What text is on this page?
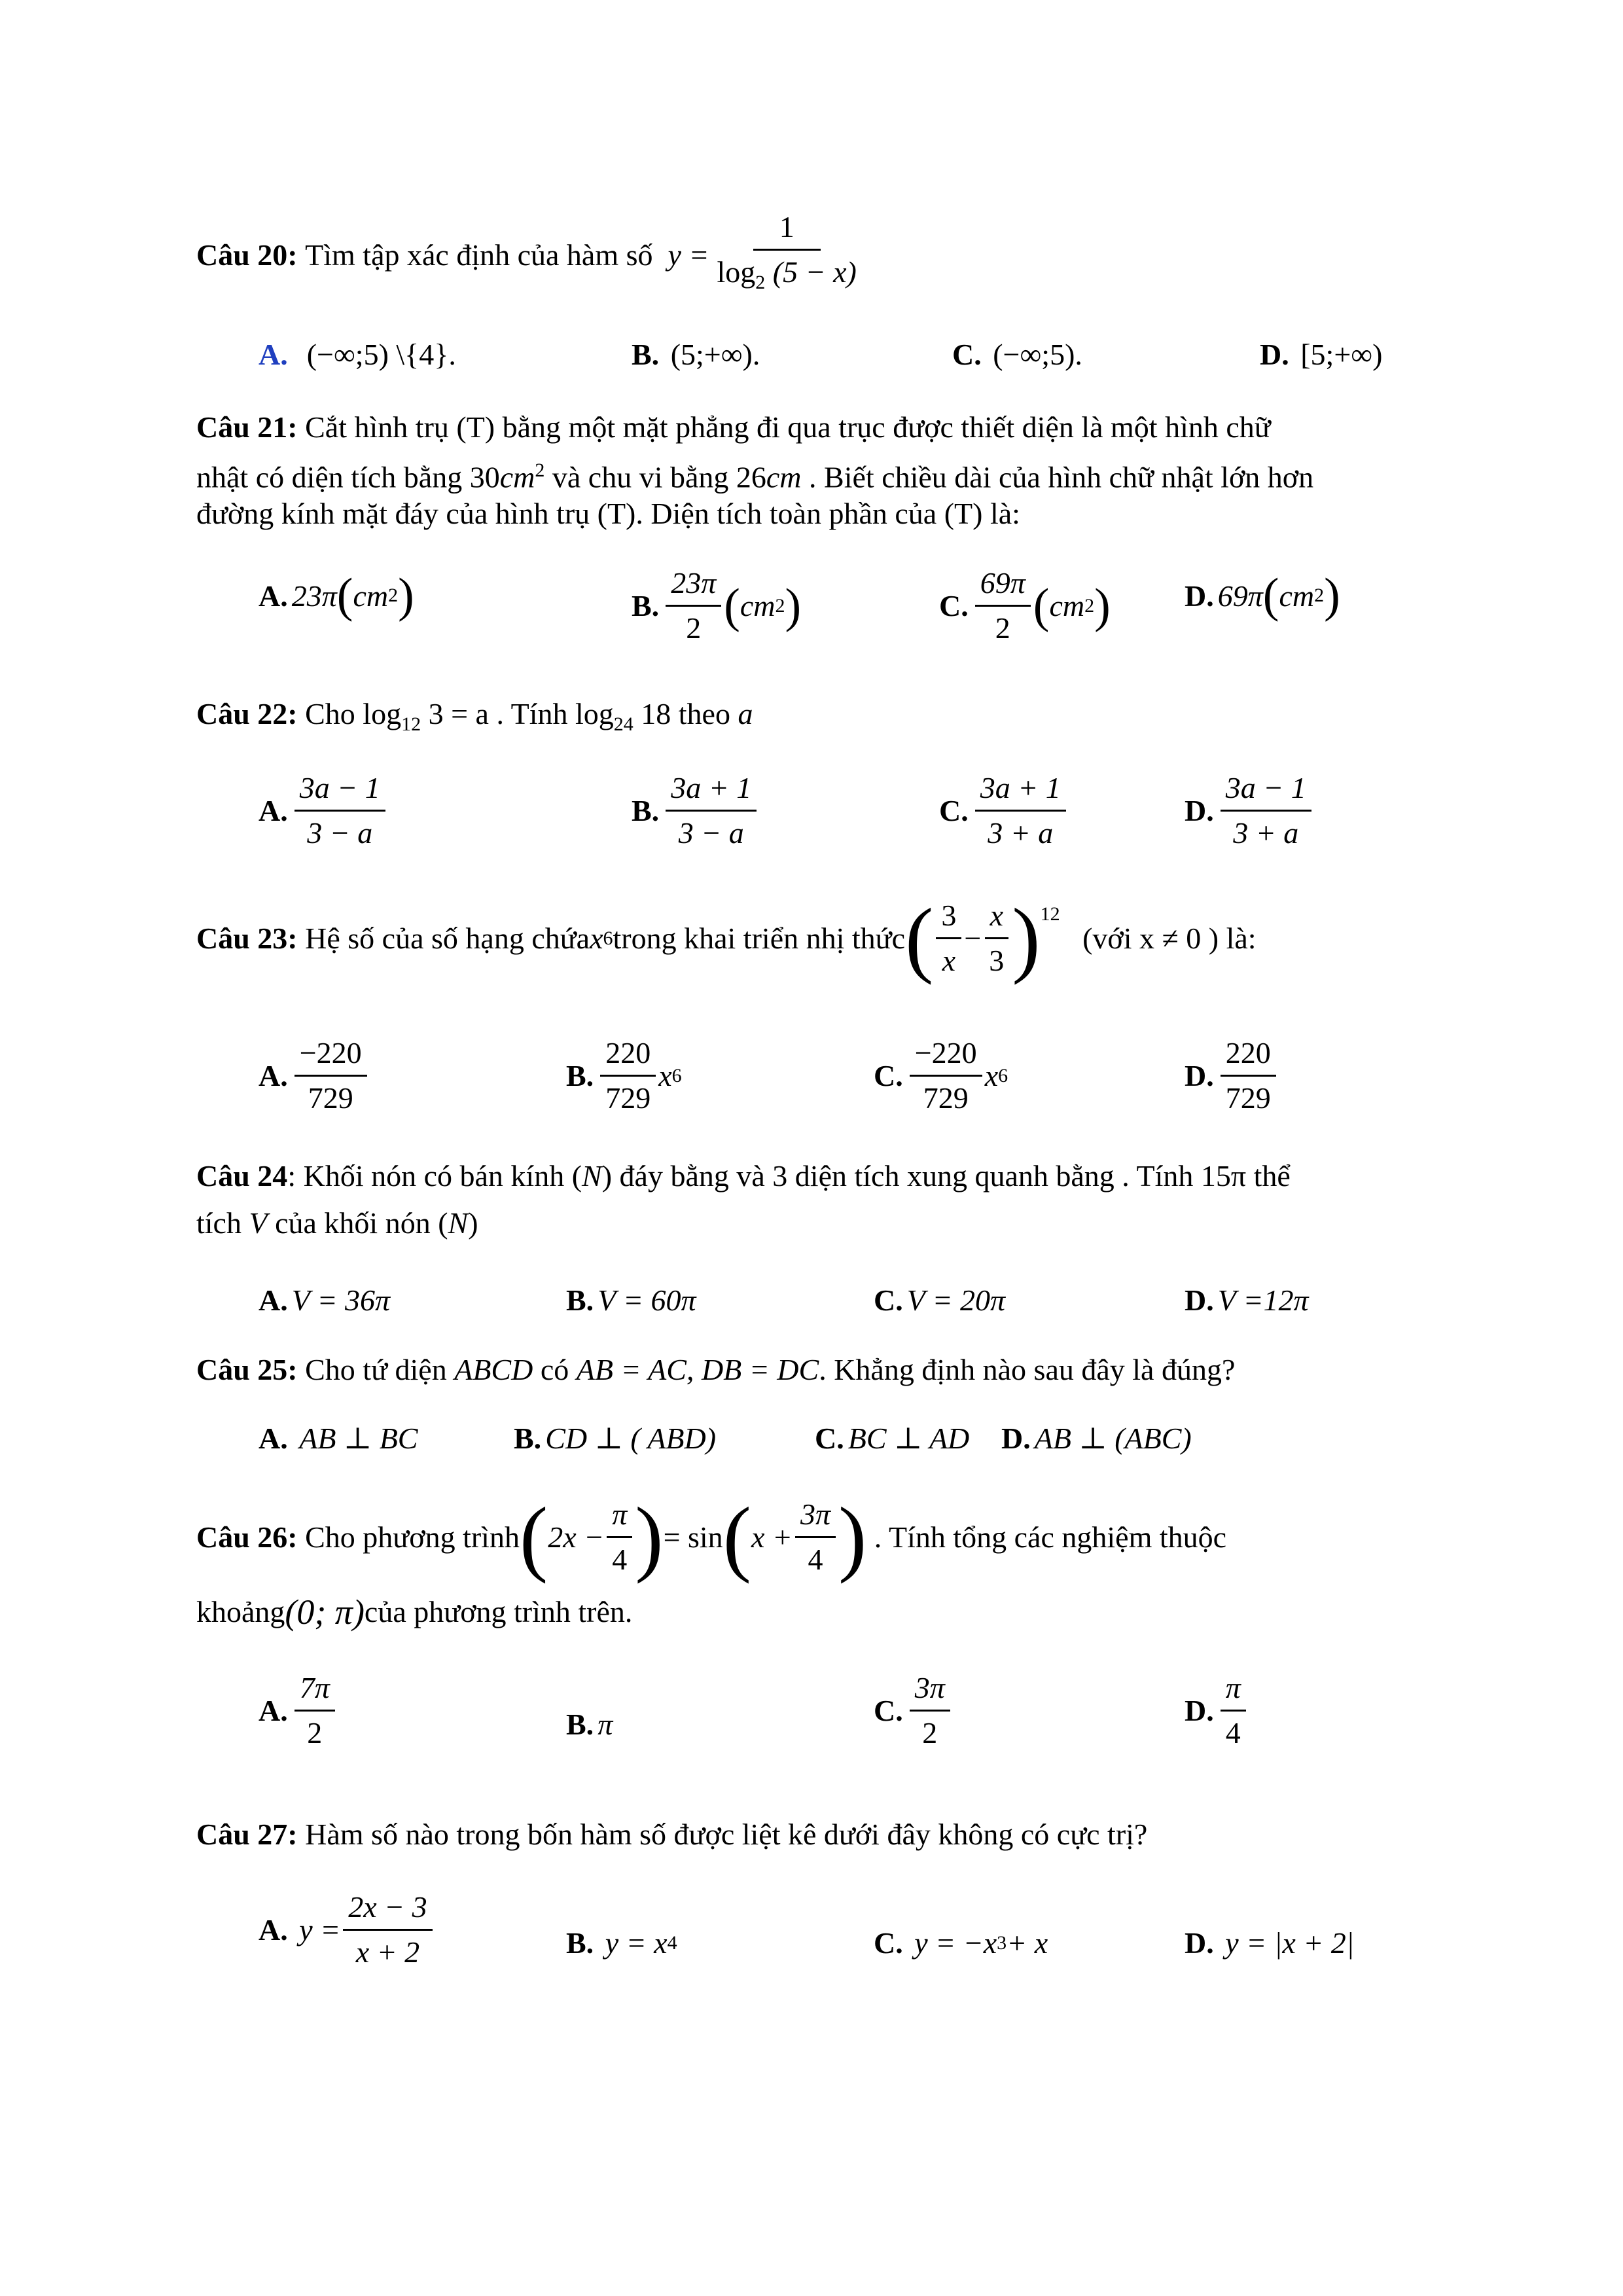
Câu 20:
Tìm tập xác định của hàm số
$y = \frac{1}{\log_2 (5 - x)}$
A.
(−∞;5) \{4}.	B.
(5;+∞).	C.
(−∞;5).	D.
[5;+∞)
Câu 21: Cắt hình trụ (T) bằng một mặt phẳng đi qua trục được thiết diện là một hình chữ
nhật có diện tích bằng $30cm^2$ và chu vi bằng 26cm . Biết chiều dài của hình chữ nhật lớn hơn
đường kính mặt đáy của hình trụ (T). Diện tích toàn phần của (T) là:
A. 23π ( cm 2 )	B. $\frac{23\pi}{2}$ ( cm 2 )	C. $\frac{69\pi}{2}$ ( cm 2 ) D. 69π ( cm 2 )
Câu 22: Cho $\log_{12} 3 = a$ . Tính $\log_{24} 18$ theo a
A. $\frac{3a - 1}{3 - a}$	B. $\frac{3a + 1}{3 - a}$	C. $\frac{3a + 1}{3 + a}$	D. $\frac{3a - 1}{3 + a}$
Câu 23:
Hệ số của số hạng chứa x 6 trong khai triển nhị thức ( $\frac{3}{x} - \frac{x}{3}$ ) 12

(với x ≠ 0 ) là:
A. $\frac{-220}{729}$	B. $\frac{220}{729}$ x 6	C. $\frac{-220}{729}$ x 6	D. $\frac{220}{729}$
Câu 24: Khối nón có bán kính (N) đáy bằng và 3 diện tích xung quanh bằng . Tính 15π thể
tích V của khối nón (N)
A. V = 36π	B. V = 60π	C. V = 20π	D. V =12π
Câu 25: Cho tứ diện ABCD có AB = AC, DB = DC. Khẳng định nào sau đây là đúng?
A.
AB ⊥ BC	B. CD ⊥ ( ABD)	C. BC ⊥ AD D. AB ⊥ (ABC)
Câu 26:
Cho phương trình ( $2x - \frac{\pi}{4}$ ) = sin ( $x + \frac{3\pi}{4}$ )
. Tính tổng các nghiệm thuộc
khoảng (0; π) của phương trình trên.
A. $\frac{7\pi}{2}$	B. π	C. $\frac{3\pi}{2}$	D. $\frac{\pi}{4}$
Câu 27: Hàm số nào trong bốn hàm số được liệt kê dưới đây không có cực trị?
A.
$y = \frac{2x - 3}{x + 2}$	B.
y = x 4	C.
y = −x 3 + x	D.
y = |x + 2|
